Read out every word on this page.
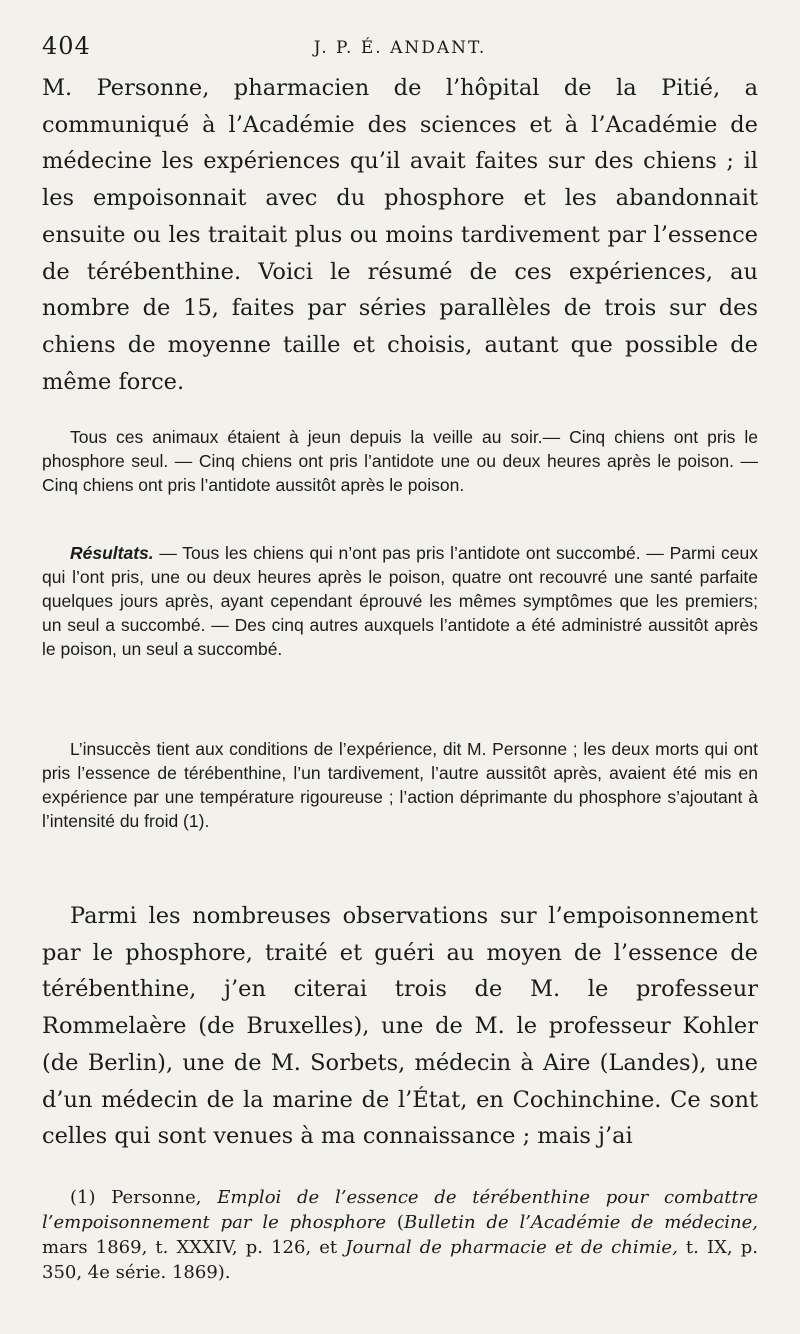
404	J. P. É. ANDANT.

M. Personne, pharmacien de l’hôpital de la Pitié, a communiqué à l’Académie des sciences et à l’Académie de médecine les expériences qu’il avait faites sur des chiens ; il les empoisonnait avec du phosphore et les abandonnait ensuite ou les traitait plus ou moins tardivement par l’essence de térébenthine. Voici le résumé de ces expériences, au nombre de 15, faites par séries parallèles de trois sur des chiens de moyenne taille et choisis, autant que possible de même force.

Tous ces animaux étaient à jeun depuis la veille au soir.— Cinq chiens ont pris le phosphore seul. — Cinq chiens ont pris l’antidote une ou deux heures après le poison. — Cinq chiens ont pris l’antidote aussitôt après le poison.

Résultats. — Tous les chiens qui n’ont pas pris l’antidote ont succombé. — Parmi ceux qui l’ont pris, une ou deux heures après le poison, quatre ont recouvré une santé parfaite quelques jours après, ayant cependant éprouvé les mêmes symptômes que les premiers; un seul a succombé. — Des cinq autres auxquels l’antidote a été administré aussitôt après le poison, un seul a succombé.

L’insuccès tient aux conditions de l’expérience, dit M. Personne ; les deux morts qui ont pris l’essence de térébenthine, l’un tardivement, l’autre aussitôt après, avaient été mis en expérience par une température rigoureuse ; l’action déprimante du phosphore s’ajoutant à l’intensité du froid (1).

Parmi les nombreuses observations sur l’empoisonnement par le phosphore, traité et guéri au moyen de l’essence de térébenthine, j’en citerai trois de M. le professeur Rommelaère (de Bruxelles), une de M. le professeur Kohler (de Berlin), une de M. Sorbets, médecin à Aire (Landes), une d’un médecin de la marine de l’État, en Cochinchine. Ce sont celles qui sont venues à ma connaissance ; mais j’ai

(1) Personne, Emploi de l’essence de térébenthine pour combattre l’empoisonnement par le phosphore (Bulletin de l’Académie de médecine, mars 1869, t. XXXIV, p. 126, et Journal de pharmacie et de chimie, t. IX, p. 350, 4e série. 1869).
